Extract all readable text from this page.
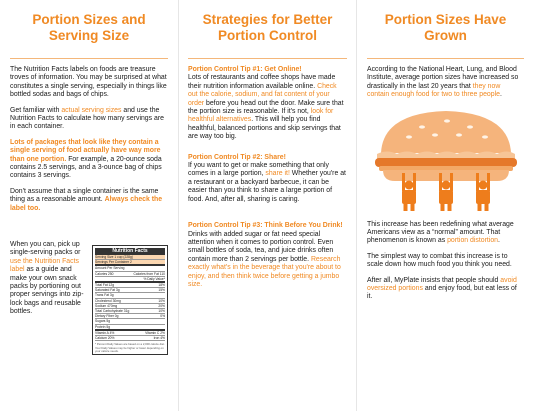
Portion Sizes and Serving Size

The Nutrition Facts labels on foods are treasure troves of information. You may be surprised at what constitutes a single serving, especially in things like bottled sodas and bags of chips.

Get familiar with actual serving sizes and use the Nutrition Facts to calculate how many servings are in each container.

Lots of packages that look like they contain a single serving of food actually have way more than one portion. For example, a 20-ounce soda contains 2.5 servings, and a 3-ounce bag of chips contains 3 servings.

Don't assume that a single container is the same thing as a reasonable amount. Always check the label too.

When you can, pick up single-serving packs or use the Nutrition Facts label as a guide and make your own snack packs by portioning out proper servings into zip-lock bags and reusable bottles.

Nutrition Facts
Serving Size 1 cup (228g)
Servings Per Container 2
Amount Per Serving
Calories 250	Calories from Fat 110
% Daily Value*
Total Fat 12g	18%
Saturated Fat 3g	15%
Trans Fat 3g
Cholesterol 30mg	10%
Sodium 470mg	20%
Total Carbohydrate 31g	10%
Dietary Fiber 0g	0%
Sugars 5g
Protein 5g
Vitamin A 4%	Vitamin C 2%
Calcium 20%	Iron 4%
* Percent Daily Values are based on a 2,000 calorie diet. Your Daily Values may be higher or lower depending on your calorie needs.
Strategies for Better Portion Control
Portion Control Tip #1: Get Online!

Lots of restaurants and coffee shops have made their nutrition information available online. Check out the calorie, sodium, and fat content of your order before you head out the door. Make sure that the portion size is reasonable. If it's not, look for healthful alternatives. This will help you find healthful, balanced portions and skip servings that are way too big.

Portion Control Tip #2: Share!

If you want to get or make something that only comes in a large portion, share it! Whether you're at a restaurant or a backyard barbecue, it can be easier than you think to share a large portion of food. And, after all, sharing is caring.

Portion Control Tip #3: Think Before You Drink!

Drinks with added sugar or fat need special attention when it comes to portion control. Even small bottles of soda, tea, and juice drinks often contain more than 2 servings per bottle. Research exactly what's in the beverage that you're about to enjoy, and then think twice before getting a jumbo size.

Portion Sizes Have Grown

According to the National Heart, Lung, and Blood Institute, average portion sizes have increased so drastically in the last 20 years that they now contain enough food for two to three people.

This increase has been redefining what average Americans view as a “normal” amount. That phenomenon is known as portion distortion.

The simplest way to combat this increase is to scale down how much food you think you need.

After all, MyPlate insists that people should avoid oversized portions and enjoy food, but eat less of it.
